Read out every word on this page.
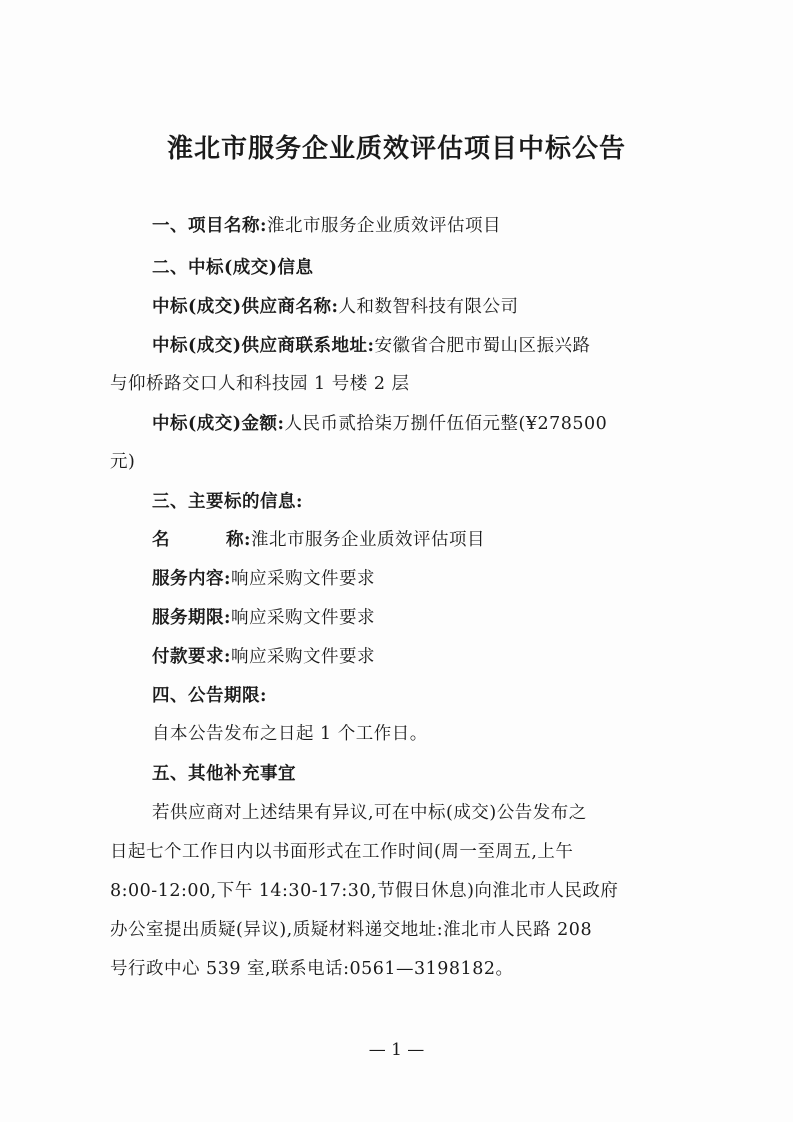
淮北市服务企业质效评估项目中标公告
一、项目名称:淮北市服务企业质效评估项目
二、中标(成交)信息
中标(成交)供应商名称:人和数智科技有限公司
中标(成交)供应商联系地址:安徽省合肥市蜀山区振兴路
与仰桥路交口人和科技园 1 号楼 2 层
中标(成交)金额:人民币贰拾柒万捌仟伍佰元整(¥278500
元)
三、主要标的信息:
名	称:淮北市服务企业质效评估项目
服务内容:响应采购文件要求
服务期限:响应采购文件要求
付款要求:响应采购文件要求
四、公告期限:
自本公告发布之日起 1 个工作日。
五、其他补充事宜
若供应商对上述结果有异议,可在中标(成交)公告发布之
日起七个工作日内以书面形式在工作时间(周一至周五,上午
8:00-12:00,下午 14:30-17:30,节假日休息)向淮北市人民政府
办公室提出质疑(异议),质疑材料递交地址:淮北市人民路 208
号行政中心 539 室,联系电话:0561—3198182。
— 1 —
